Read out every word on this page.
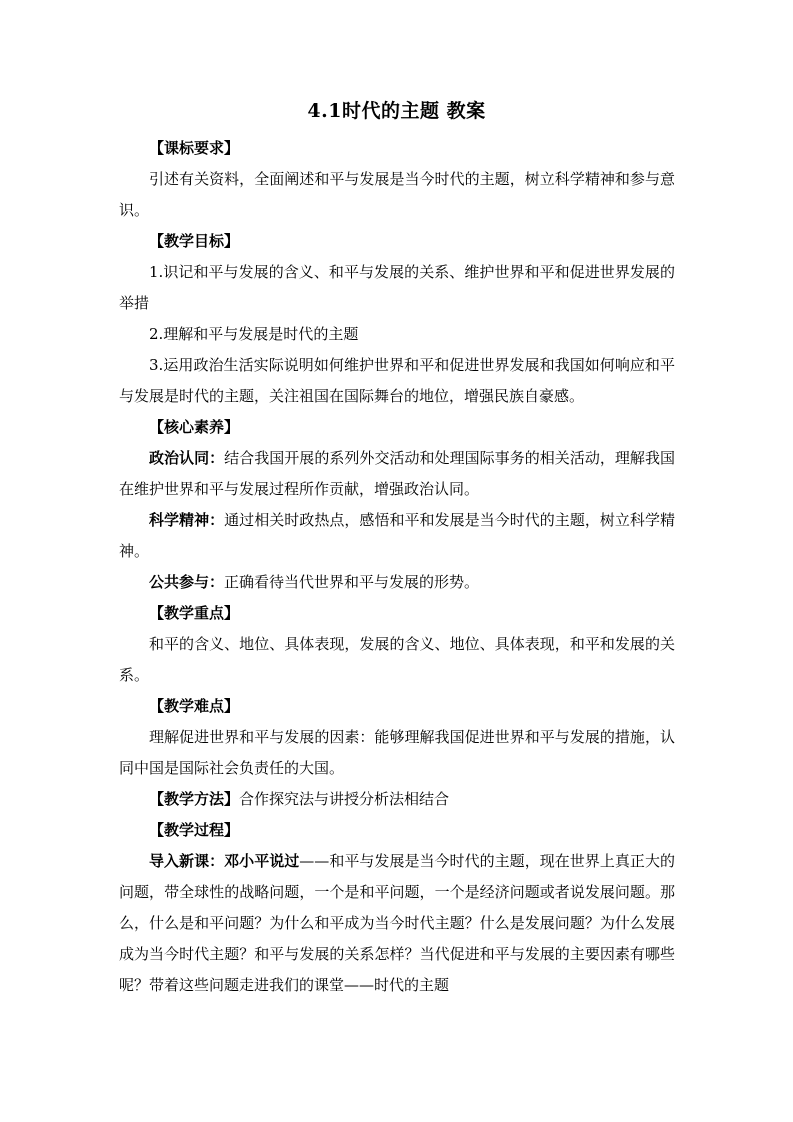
4.1时代的主题 教案

【课标要求】

引述有关资料，全面阐述和平与发展是当今时代的主题，树立科学精神和参与意识。

【教学目标】

1.识记和平与发展的含义、和平与发展的关系、维护世界和平和促进世界发展的举措

2.理解和平与发展是时代的主题

3.运用政治生活实际说明如何维护世界和平和促进世界发展和我国如何响应和平与发展是时代的主题，关注祖国在国际舞台的地位，增强民族自豪感。

【核心素养】

政治认同：结合我国开展的系列外交活动和处理国际事务的相关活动，理解我国在维护世界和平与发展过程所作贡献，增强政治认同。

科学精神：通过相关时政热点，感悟和平和发展是当今时代的主题，树立科学精神。

公共参与：正确看待当代世界和平与发展的形势。

【教学重点】

和平的含义、地位、具体表现，发展的含义、地位、具体表现，和平和发展的关系。

【教学难点】

理解促进世界和平与发展的因素：能够理解我国促进世界和平与发展的措施，认同中国是国际社会负责任的大国。

【教学方法】合作探究法与讲授分析法相结合

【教学过程】

导入新课：邓小平说过——和平与发展是当今时代的主题，现在世界上真正大的问题，带全球性的战略问题，一个是和平问题，一个是经济问题或者说发展问题。那么，什么是和平问题？为什么和平成为当今时代主题？什么是发展问题？为什么发展成为当今时代主题？和平与发展的关系怎样？当代促进和平与发展的主要因素有哪些呢？带着这些问题走进我们的课堂——时代的主题
